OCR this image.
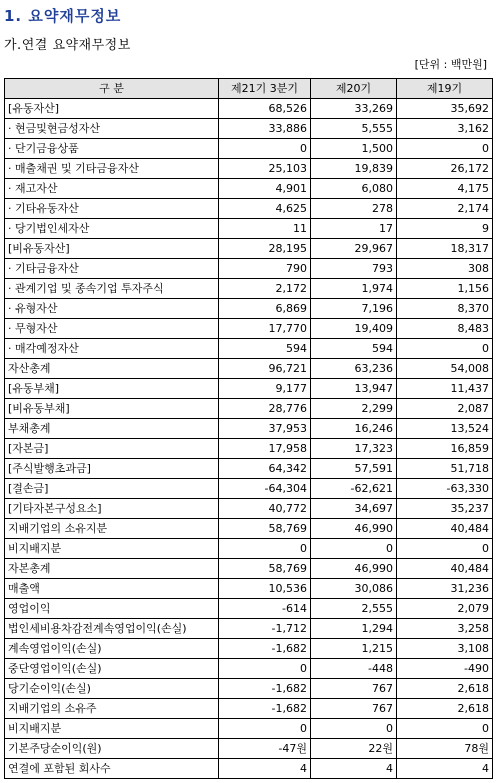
1. 요약재무정보
가.연결 요약재무정보
[단위 : 백만원]
구 분	제21기 3분기	제20기	제19기
[유동자산]	68,526	33,269	35,692
· 현금및현금성자산	33,886	5,555	3,162
· 단기금융상품	0	1,500	0
· 매출채권 및 기타금융자산	25,103	19,839	26,172
· 재고자산	4,901	6,080	4,175
· 기타유동자산	4,625	278	2,174
· 당기법인세자산	11	17	9
[비유동자산]	28,195	29,967	18,317
· 기타금융자산	790	793	308
· 관계기업 및 종속기업 투자주식	2,172	1,974	1,156
· 유형자산	6,869	7,196	8,370
· 무형자산	17,770	19,409	8,483
· 매각예정자산	594	594	0
자산총계	96,721	63,236	54,008
[유동부채]	9,177	13,947	11,437
[비유동부채]	28,776	2,299	2,087
부채총계	37,953	16,246	13,524
[자본금]	17,958	17,323	16,859
[주식발행초과금]	64,342	57,591	51,718
[결손금]	-64,304	-62,621	-63,330
[기타자본구성요소]	40,772	34,697	35,237
지배기업의 소유지분	58,769	46,990	40,484
비지배지분	0	0	0
자본총계	58,769	46,990	40,484
매출액	10,536	30,086	31,236
영업이익	-614	2,555	2,079
법인세비용차감전계속영업이익(손실)	-1,712	1,294	3,258
계속영업이익(손실)	-1,682	1,215	3,108
중단영업이익(손실)	0	-448	-490
당기순이익(손실)	-1,682	767	2,618
지배기업의 소유주	-1,682	767	2,618
비지배지분	0	0	0
기본주당순이익(원)	-47원	22원	78원
연결에 포함된 회사수	4	4	4
